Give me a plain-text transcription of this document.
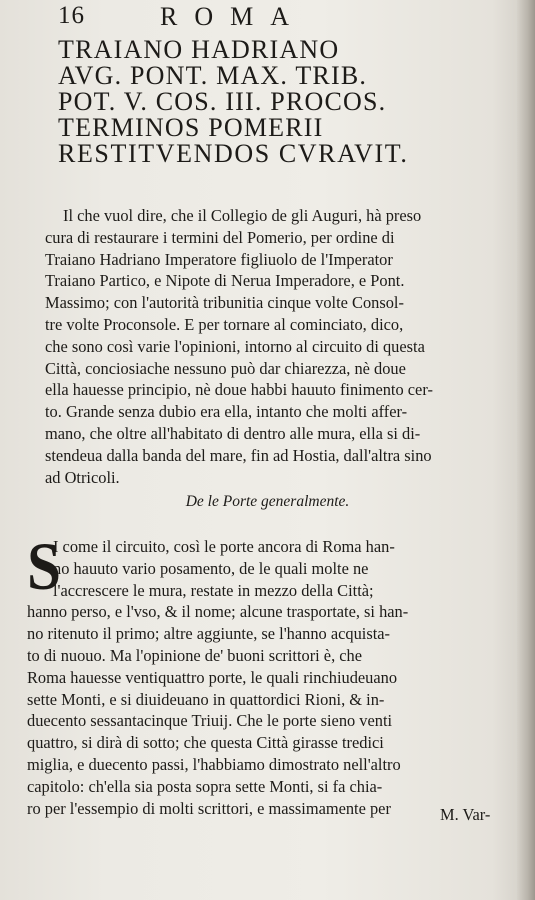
16	ROMA
TRAIANO HADRIANO
AVG. PONT. MAX. TRIB.
POT. V. COS. III. PROCOS.
TERMINOS POMERII
RESTITVENDOS CVRAVIT.
Il che vuol dire, che il Collegio de gli Auguri, hà preso
cura di restaurare i termini del Pomerio, per ordine di
Traiano Hadriano Imperatore figliuolo de l'Imperator
Traiano Partico, e Nipote di Nerua Imperadore, e Pont.
Massimo; con l'autorità tribunitia cinque volte Consol-
tre volte Proconsole. E per tornare al cominciato, dico,
che sono così varie l'opinioni, intorno al circuito di questa
Città, conciosiache nessuno può dar chiarezza, nè doue
ella hauesse principio, nè doue habbi hauuto finimento cer-
to. Grande senza dubio era ella, intanto che molti affer-
mano, che oltre all'habitato di dentro alle mura, ella si di-
stendeua dalla banda del mare, fin ad Hostia, dall'altra sino
ad Otricoli.
De le Porte generalmente.
S
I come il circuito, così le porte ancora di Roma han-
no hauuto vario posamento, de le quali molte ne
l'accrescere le mura, restate in mezzo della Città;
hanno perso, e l'vso, & il nome; alcune trasportate, si han-
no ritenuto il primo; altre aggiunte, se l'hanno acquista-
to di nuouo. Ma l'opinione de' buoni scrittori è, che
Roma hauesse ventiquattro porte, le quali rinchiudeuano
sette Monti, e si diuideuano in quattordici Rioni, & in-
duecento sessantacinque Triuij. Che le porte sieno venti
quattro, si dirà di sotto; che questa Città girasse tredici
miglia, e duecento passi, l'habbiamo dimostrato nell'altro
capitolo: ch'ella sia posta sopra sette Monti, si fa chia-
ro per l'essempio di molti scrittori, e massimamente per	M. Var-
